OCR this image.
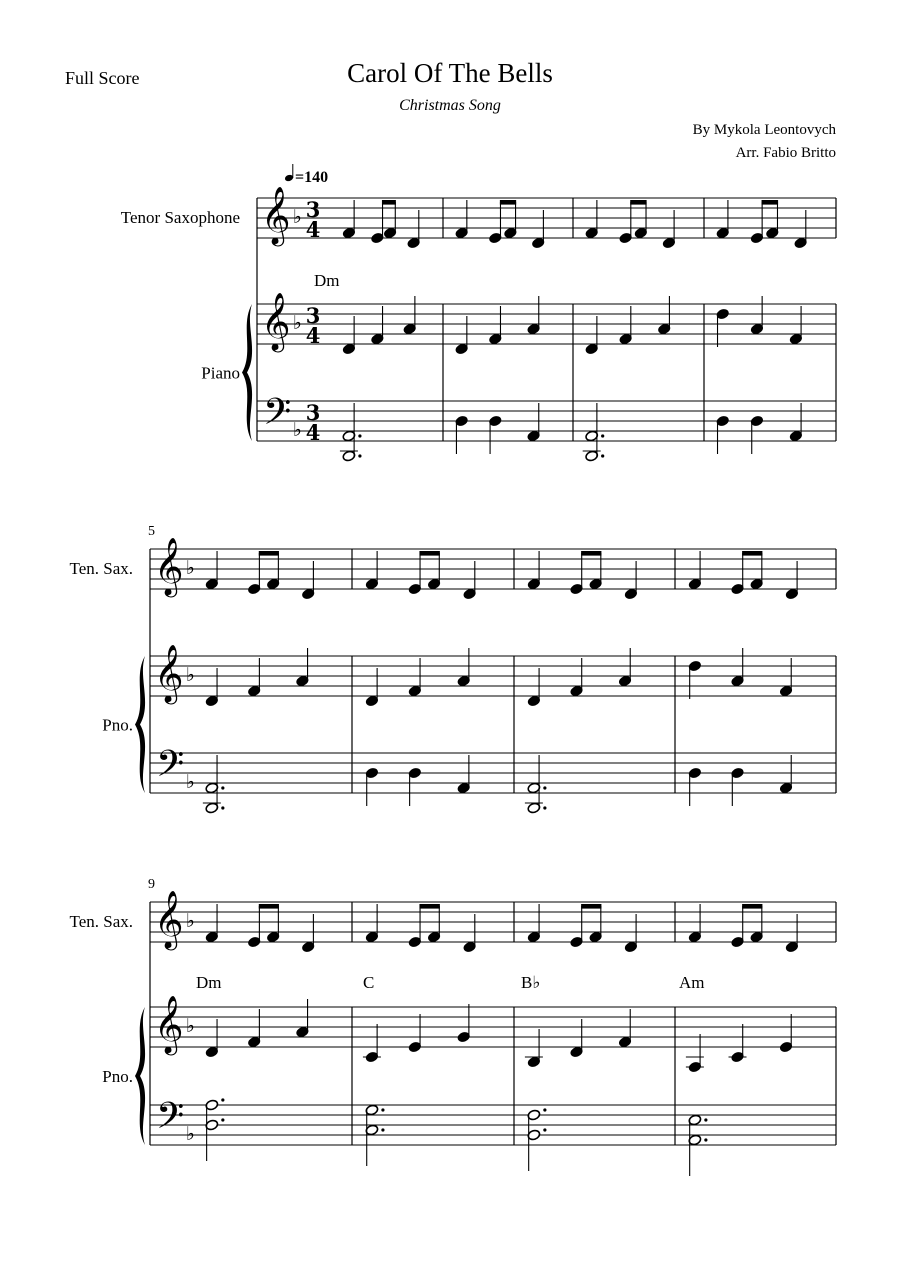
Full Score	Carol Of The Bells
Christmas Song
By Mykola Leontovych
Arr. Fabio Britto
𝄞
𝄞
𝄢
♭
♭
♭
3
4
3
4
3
4
Tenor Saxophone
Piano
Dm
𝄞
𝄞
𝄢
♭
♭
♭
Ten. Sax.
Pno.
5
𝄞
𝄞
𝄢
♭
♭
♭
Ten. Sax.
Pno.
9
Dm	C	B♭	Am
=140
